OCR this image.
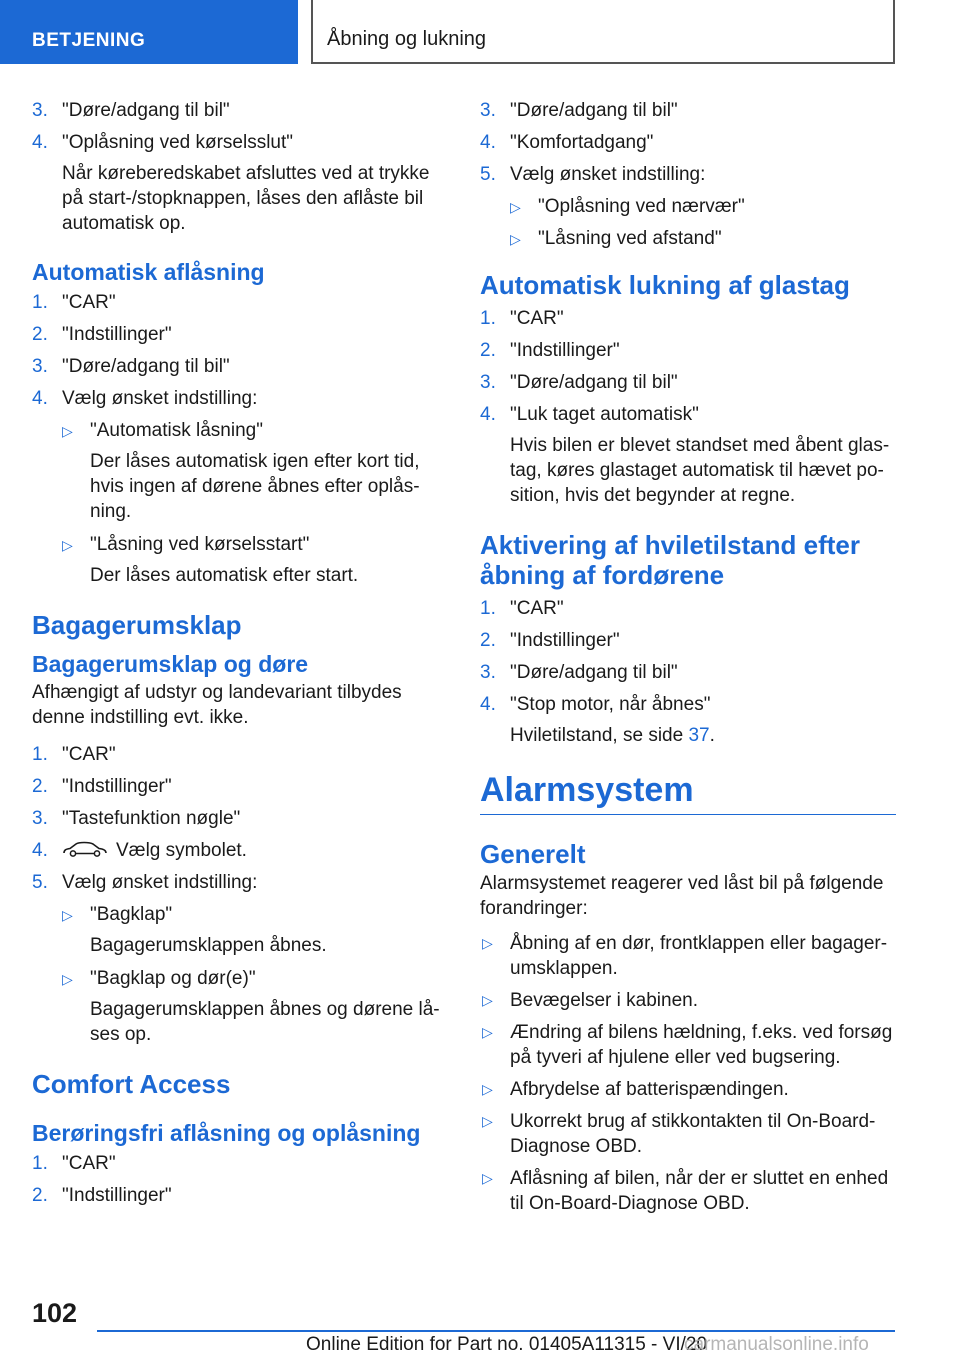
BETJENING	Åbning og lukning
3. "Døre/adgang til bil"
4. "Oplåsning ved kørselsslut"
Når køreberedskabet afsluttes ved at trykke på start-/stopknappen, låses den aflåste bil automatisk op.
Automatisk aflåsning
1. "CAR"
2. "Indstillinger"
3. "Døre/adgang til bil"
4. Vælg ønsket indstilling:
▷ "Automatisk låsning"
Der låses automatisk igen efter kort tid, hvis ingen af dørene åbnes efter oplåsning.
▷ "Låsning ved kørselsstart"
Der låses automatisk efter start.
Bagagerumsklap
Bagagerumsklap og døre
Afhængigt af udstyr og landevariant tilbydes denne indstilling evt. ikke.
1. "CAR"
2. "Indstillinger"
3. "Tastefunktion nøgle"
4.	Vælg symbolet.
5. Vælg ønsket indstilling:
▷ "Bagklap"
Bagagerumsklappen åbnes.
▷ "Bagklap og dør(e)"
Bagagerumsklappen åbnes og dørene låses op.
Comfort Access
Berøringsfri aflåsning og oplåsning
1. "CAR"
2. "Indstillinger"
3. "Døre/adgang til bil"
4. "Komfortadgang"
5. Vælg ønsket indstilling:
▷ "Oplåsning ved nærvær"
▷ "Låsning ved afstand"
Automatisk lukning af glastag
1. "CAR"
2. "Indstillinger"
3. "Døre/adgang til bil"
4. "Luk taget automatisk"
Hvis bilen er blevet standset med åbent glastag, køres glastaget automatisk til hævet position, hvis det begynder at regne.
Aktivering af hviletilstand efter åbning af fordørene
1. "CAR"
2. "Indstillinger"
3. "Døre/adgang til bil"
4. "Stop motor, når åbnes"
Hviletilstand, se side 37.
Alarmsystem
Generelt
Alarmsystemet reagerer ved låst bil på følgende forandringer:
▷ Åbning af en dør, frontklappen eller bagagerumsklappen.
▷ Bevægelser i kabinen.
▷ Ændring af bilens hældning, f.eks. ved forsøg på tyveri af hjulene eller ved bugsering.
▷ Afbrydelse af batterispændingen.
▷ Ukorrekt brug af stikkontakten til On-Board-Diagnose OBD.
▷ Aflåsning af bilen, når der er sluttet en enhed til On-Board-Diagnose OBD.
102
Online Edition for Part no. 01405A11315 - VI/20
carmanualsonline.info
